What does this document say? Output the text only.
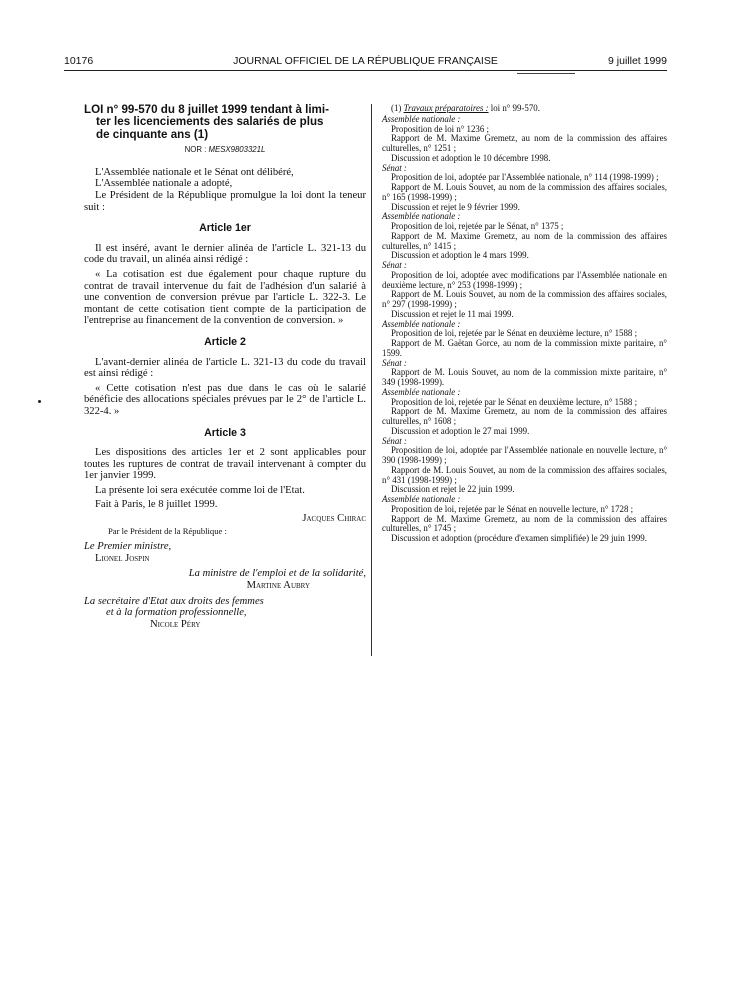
10176	JOURNAL OFFICIEL DE LA RÉPUBLIQUE FRANÇAISE	9 juillet 1999
LOI n° 99-570 du 8 juillet 1999 tendant à limi-
ter les licenciements des salariés de plus
de cinquante ans (1)
NOR : MESX9803321L

L'Assemblée nationale et le Sénat ont délibéré,

L'Assemblée nationale a adopté,

Le Président de la République promulgue la loi dont la teneur suit :

Article 1er

Il est inséré, avant le dernier alinéa de l'article L. 321-13 du code du travail, un alinéa ainsi rédigé :

« La cotisation est due également pour chaque rupture du contrat de travail intervenue du fait de l'adhésion d'un salarié à une convention de conversion prévue par l'article L. 322-3. Le montant de cette cotisation tient compte de la participation de l'entreprise au financement de la convention de conversion. »

Article 2

L'avant-dernier alinéa de l'article L. 321-13 du code du travail est ainsi rédigé :

« Cette cotisation n'est pas due dans le cas où le salarié bénéficie des allocations spéciales prévues par le 2° de l'article L. 322-4. »

Article 3

Les dispositions des articles 1er et 2 sont applicables pour toutes les ruptures de contrat de travail intervenant à compter du 1er janvier 1999.

La présente loi sera exécutée comme loi de l'Etat.

Fait à Paris, le 8 juillet 1999.

Jacques Chirac
Par le Président de la République :
Le Premier ministre,
Lionel Jospin
La ministre de l'emploi et de la solidarité,
Martine Aubry
La secrétaire d'Etat aux droits des femmes
et à la formation professionnelle,
Nicole Péry

(1) Travaux préparatoires : loi n° 99-570.

Assemblée nationale :

Proposition de loi n° 1236 ;

Rapport de M. Maxime Gremetz, au nom de la commission des affaires culturelles, n° 1251 ;

Discussion et adoption le 10 décembre 1998.

Sénat :

Proposition de loi, adoptée par l'Assemblée nationale, n° 114 (1998-1999) ;

Rapport de M. Louis Souvet, au nom de la commission des affaires sociales, n° 165 (1998-1999) ;

Discussion et rejet le 9 février 1999.

Assemblée nationale :

Proposition de loi, rejetée par le Sénat, n° 1375 ;

Rapport de M. Maxime Gremetz, au nom de la commission des affaires culturelles, n° 1415 ;

Discussion et adoption le 4 mars 1999.

Sénat :

Proposition de loi, adoptée avec modifications par l'Assemblée nationale en deuxième lecture, n° 253 (1998-1999) ;

Rapport de M. Louis Souvet, au nom de la commission des affaires sociales, n° 297 (1998-1999) ;

Discussion et rejet le 11 mai 1999.

Assemblée nationale :

Proposition de loi, rejetée par le Sénat en deuxième lecture, n° 1588 ;

Rapport de M. Gaëtan Gorce, au nom de la commission mixte paritaire, n° 1599.

Sénat :

Rapport de M. Louis Souvet, au nom de la commission mixte paritaire, n° 349 (1998-1999).

Assemblée nationale :

Proposition de loi, rejetée par le Sénat en deuxième lecture, n° 1588 ;

Rapport de M. Maxime Gremetz, au nom de la commission des affaires culturelles, n° 1608 ;

Discussion et adoption le 27 mai 1999.

Sénat :

Proposition de loi, adoptée par l'Assemblée nationale en nouvelle lecture, n° 390 (1998-1999) ;

Rapport de M. Louis Souvet, au nom de la commission des affaires sociales, n° 431 (1998-1999) ;

Discussion et rejet le 22 juin 1999.

Assemblée nationale :

Proposition de loi, rejetée par le Sénat en nouvelle lecture, n° 1728 ;

Rapport de M. Maxime Gremetz, au nom de la commission des affaires culturelles, n° 1745 ;

Discussion et adoption (procédure d'examen simplifiée) le 29 juin 1999.
